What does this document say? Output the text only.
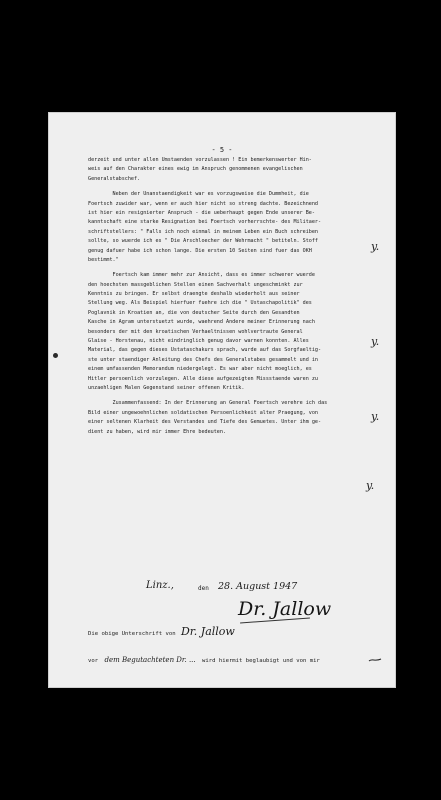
- 5 -
derzeit und unter allen Umstaenden vorzulassen ! Ein bemerkenswerter Hin-
weis auf den Charakter eines ewig im Anspruch genommenen evangelischen
Generalstabschef.
Neben der Unanstaendigkeit war es vorzugsweise die Dummheit, die
Foertsch zuwider war, wenn er auch hier nicht so streng dachte. Bezeichnend
ist hier ein resignierter Anspruch - die ueberhaupt gegen Ende unserer Be-
kanntschaft eine starke Resignation bei Foertsch vorherrschte- des Militaer-
schriftstellers: " Falls ich noch einmal in meinem Leben ein Buch schreiben
sollte, so wuerde ich es " Die Arschloecher der Wehrmacht " betiteln. Stoff
genug dafuer habe ich schon lange. Die ersten 10 Seiten sind fuer das OKH
bestimmt."
Foertsch kam immer mehr zur Ansicht, dass es immer schwerer wuerde
den hoechsten massgeblichen Stellen einen Sachverhalt ungeschminkt zur
Kenntnis zu bringen. Er selbst draengte deshalb wiederholt aus seiner
Stellung weg. Als Beispiel hierfuer fuehre ich die " Ustaschapolitik" des
Poglavnik in Kroatien an, die von deutscher Seite durch den Gesandten
Kasche in Agram unterstuetzt wurde, waehrend Andere meiner Erinnerung nach
besonders der mit den kroatischen Verhaeltnissen wohlvertraute General
Glaise - Horstenau, nicht eindringlich genug davor warnen konnten. Alles
Material, das gegen dieses Ustataschakurs sprach, wurde auf das Sorgfaeltig-
ste unter staendiger Anleitung des Chefs des Generalstabes gesammelt und in
einem umfassenden Memorandum niedergelegt. Es war aber nicht moeglich, es
Hitler persoenlich vorzulegen. Alle diese aufgezeigten Missstaende waren zu
unzaehligen Malen Gegenstand seiner offenen Kritik.
Zusammenfassend: In der Erinnerung an General Foertsch verehre ich das
Bild einer ungewoehnlichen soldatischen Persoenlichkeit alter Praegung, von
einer seltenen Klarheit des Verstandes und Tiefe des Gemuetes. Unter ihm ge-
dient zu haben, wird mir immer Ehre bedeuten.
y.
y.
y.
y.
Linz.,	den 28. August 1947
Dr. Jallow
Die obige Unterschrift von Dr. Jallow
vor dem Begutachteten Dr. ... wird hiermit beglaubigt und von mir
